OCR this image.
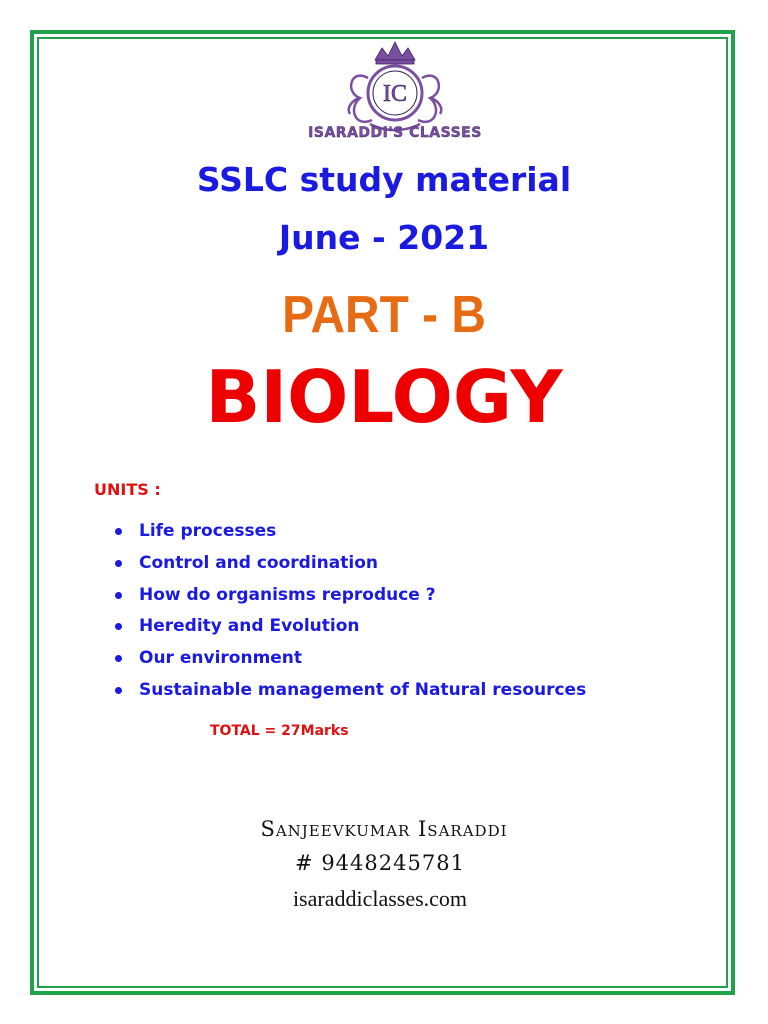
IC
ISARADDI'S CLASSES
SSLC study material
June - 2021
PART - B
BIOLOGY
UNITS :
Life processes
Control and coordination
How do organisms reproduce ?
Heredity and Evolution
Our environment
Sustainable management of Natural resources
TOTAL = 27Marks
Sanjeevkumar Isaraddi
# 9448245781
isaraddiclasses.com
